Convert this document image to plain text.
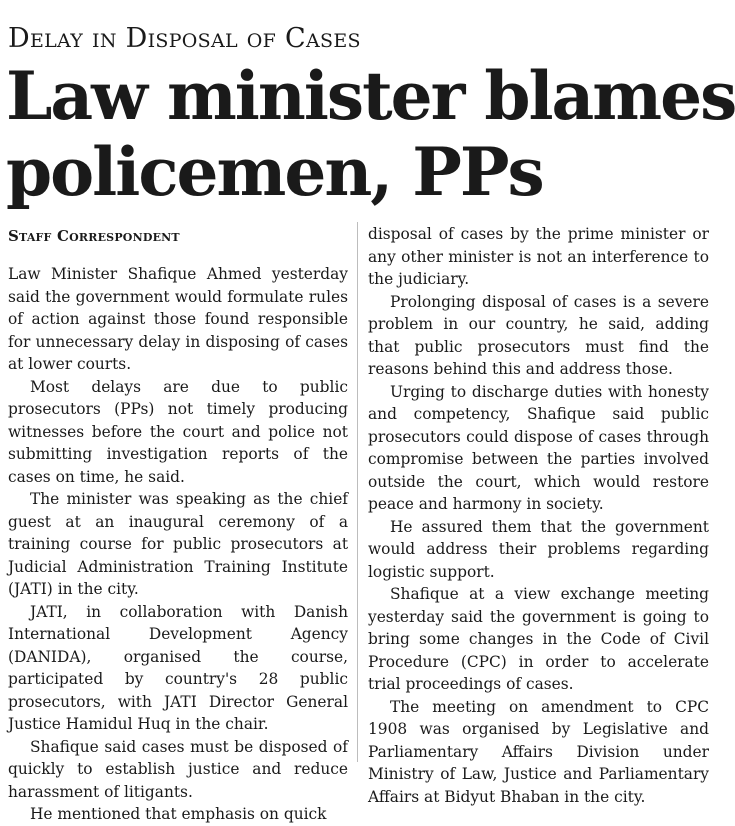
Delay in Disposal of Cases
Law minister blames
policemen, PPs
Staff Correspondent

Law Minister Shafique Ahmed yesterday said the government would formulate rules of action against those found responsible for unnecessary delay in disposing of cases at lower courts.

Most delays are due to public prosecutors (PPs) not timely producing witnesses before the court and police not submitting investigation reports of the cases on time, he said.

The minister was speaking as the chief guest at an inaugural ceremony of a training course for public prosecutors at Judicial Administration Training Institute (JATI) in the city.

JATI, in collaboration with Danish International Development Agency (DANIDA), organised the course, participated by country's 28 public prosecutors, with JATI Director General Justice Hamidul Huq in the chair.

Shafique said cases must be disposed of quickly to establish justice and reduce harassment of litigants.

He mentioned that emphasis on quick

disposal of cases by the prime minister or any other minister is not an interference to the judiciary.

Prolonging disposal of cases is a severe problem in our country, he said, adding that public prosecutors must find the reasons behind this and address those.

Urging to discharge duties with honesty and competency, Shafique said public prosecutors could dispose of cases through compromise between the parties involved outside the court, which would restore peace and harmony in society.

He assured them that the government would address their problems regarding logistic support.

Shafique at a view exchange meeting yesterday said the government is going to bring some changes in the Code of Civil Procedure (CPC) in order to accelerate trial proceedings of cases.

The meeting on amendment to CPC 1908 was organised by Legislative and Parliamentary Affairs Division under Ministry of Law, Justice and Parliamentary Affairs at Bidyut Bhaban in the city.
